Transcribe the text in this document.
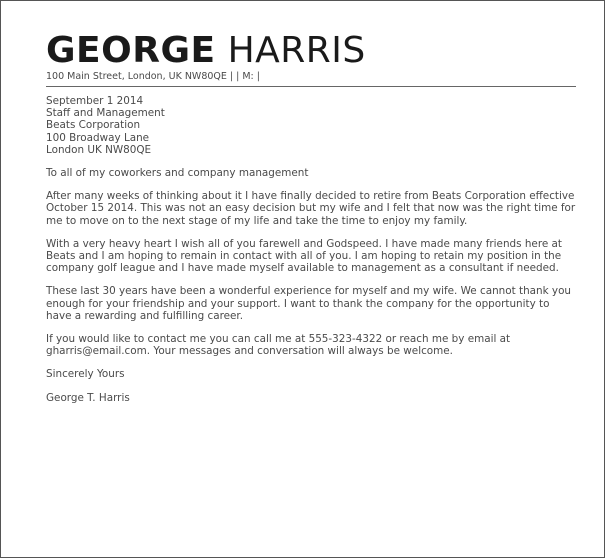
GEORGE HARRIS
100 Main Street, London, UK NW80QE | | M: |
September 1 2014
Staff and Management
Beats Corporation
100 Broadway Lane
London UK NW80QE

To all of my coworkers and company management

After many weeks of thinking about it I have finally decided to retire from Beats Corporation effective October 15 2014. This was not an easy decision but my wife and I felt that now was the right time for me to move on to the next stage of my life and take the time to enjoy my family.

With a very heavy heart I wish all of you farewell and Godspeed. I have made many friends here at Beats and I am hoping to remain in contact with all of you. I am hoping to retain my position in the company golf league and I have made myself available to management as a consultant if needed.

These last 30 years have been a wonderful experience for myself and my wife. We cannot thank you enough for your friendship and your support. I want to thank the company for the opportunity to have a rewarding and fulfilling career.

If you would like to contact me you can call me at 555-323-4322 or reach me by email at gharris@email.com. Your messages and conversation will always be welcome.

Sincerely Yours

George T. Harris
